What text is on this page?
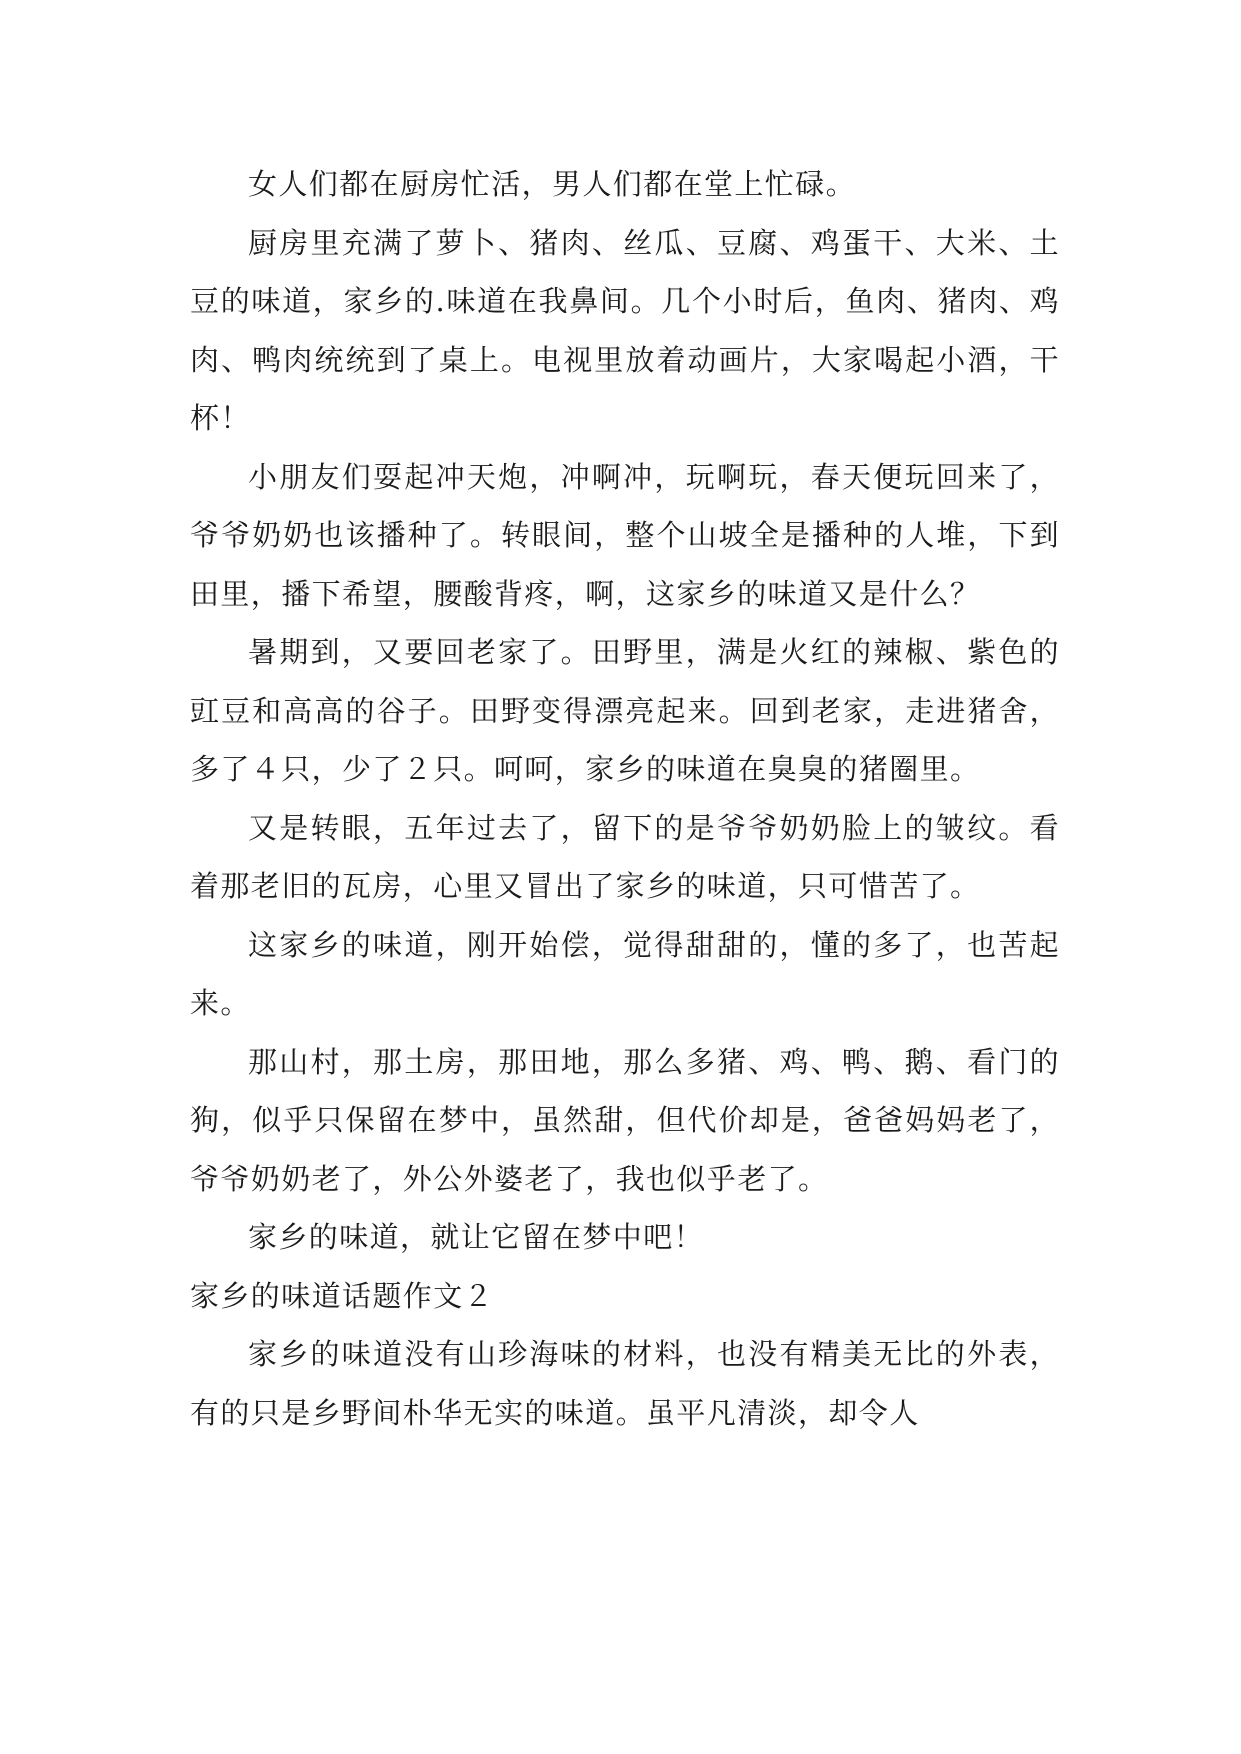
女人们都在厨房忙活，男人们都在堂上忙碌。

厨房里充满了萝卜、猪肉、丝瓜、豆腐、鸡蛋干、大米、土豆的味道，家乡的.味道在我鼻间。几个小时后，鱼肉、猪肉、鸡肉、鸭肉统统到了桌上。电视里放着动画片，大家喝起小酒，干杯！

小朋友们耍起冲天炮，冲啊冲，玩啊玩，春天便玩回来了，爷爷奶奶也该播种了。转眼间，整个山坡全是播种的人堆，下到田里，播下希望，腰酸背疼，啊，这家乡的味道又是什么？

暑期到，又要回老家了。田野里，满是火红的辣椒、紫色的豇豆和高高的谷子。田野变得漂亮起来。回到老家，走进猪舍，多了４只，少了２只。呵呵，家乡的味道在臭臭的猪圈里。

又是转眼，五年过去了，留下的是爷爷奶奶脸上的皱纹。看着那老旧的瓦房，心里又冒出了家乡的味道，只可惜苦了。

这家乡的味道，刚开始偿，觉得甜甜的，懂的多了，也苦起来。

那山村，那土房，那田地，那么多猪、鸡、鸭、鹅、看门的狗，似乎只保留在梦中，虽然甜，但代价却是，爸爸妈妈老了，爷爷奶奶老了，外公外婆老了，我也似乎老了。

家乡的味道，就让它留在梦中吧！

家乡的味道话题作文２

家乡的味道没有山珍海味的材料，也没有精美无比的外表，有的只是乡野间朴华无实的味道。虽平凡清淡，却令人
